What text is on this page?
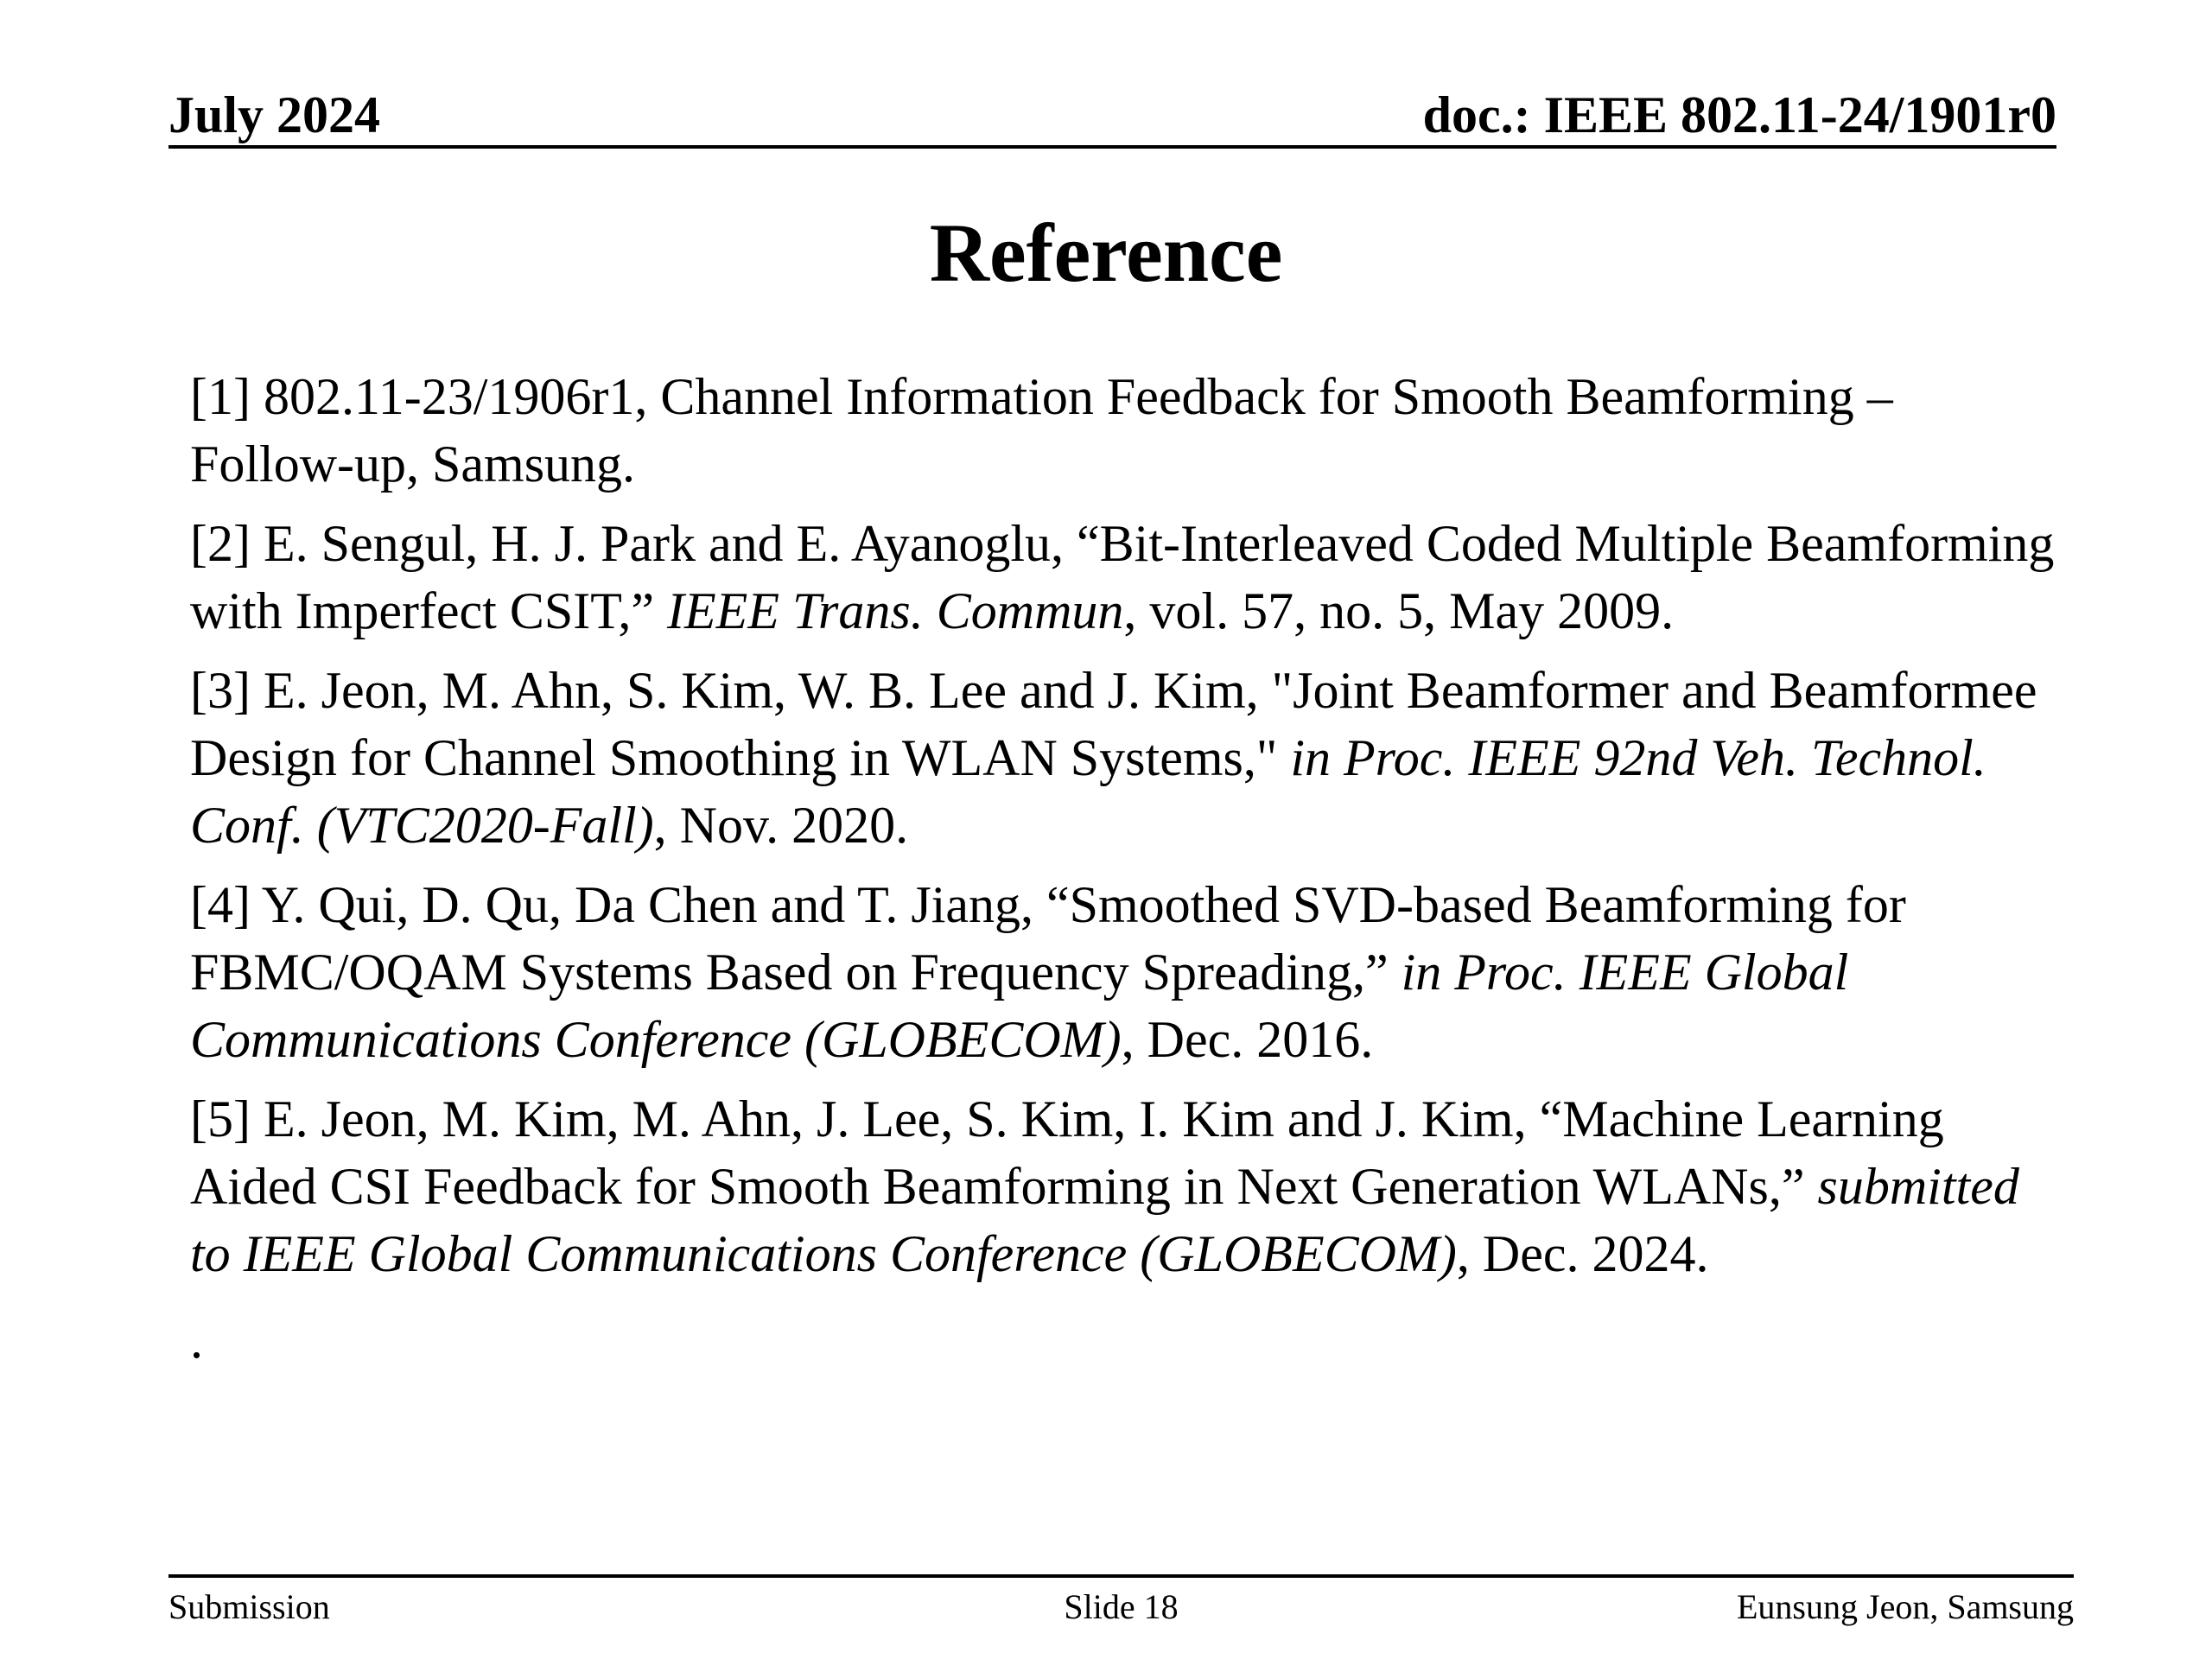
July 2024	doc.: IEEE 802.11-24/1901r0
Reference

[1] 802.11-23/1906r1, Channel Information Feedback for Smooth Beamforming – Follow-up, Samsung.

[2] E. Sengul, H. J. Park and E. Ayanoglu, “Bit-Interleaved Coded Multiple Beamforming with Imperfect CSIT,” IEEE Trans. Commun, vol. 57, no. 5, May 2009.

[3] E. Jeon, M. Ahn, S. Kim, W. B. Lee and J. Kim, "Joint Beamformer and Beamformee Design for Channel Smoothing in WLAN Systems," in Proc. IEEE 92nd Veh. Technol. Conf. (VTC2020-Fall), Nov. 2020.

[4] Y. Qui, D. Qu, Da Chen and T. Jiang, “Smoothed SVD-based Beamforming for FBMC/OQAM Systems Based on Frequency Spreading,” in Proc. IEEE Global Communications Conference (GLOBECOM), Dec. 2016.

[5] E. Jeon, M. Kim, M. Ahn, J. Lee, S. Kim, I. Kim and J. Kim, “Machine Learning Aided CSI Feedback for Smooth Beamforming in Next Generation WLANs,” submitted to IEEE Global Communications Conference (GLOBECOM), Dec. 2024.

.
Submission	Slide 18	Eunsung Jeon, Samsung
